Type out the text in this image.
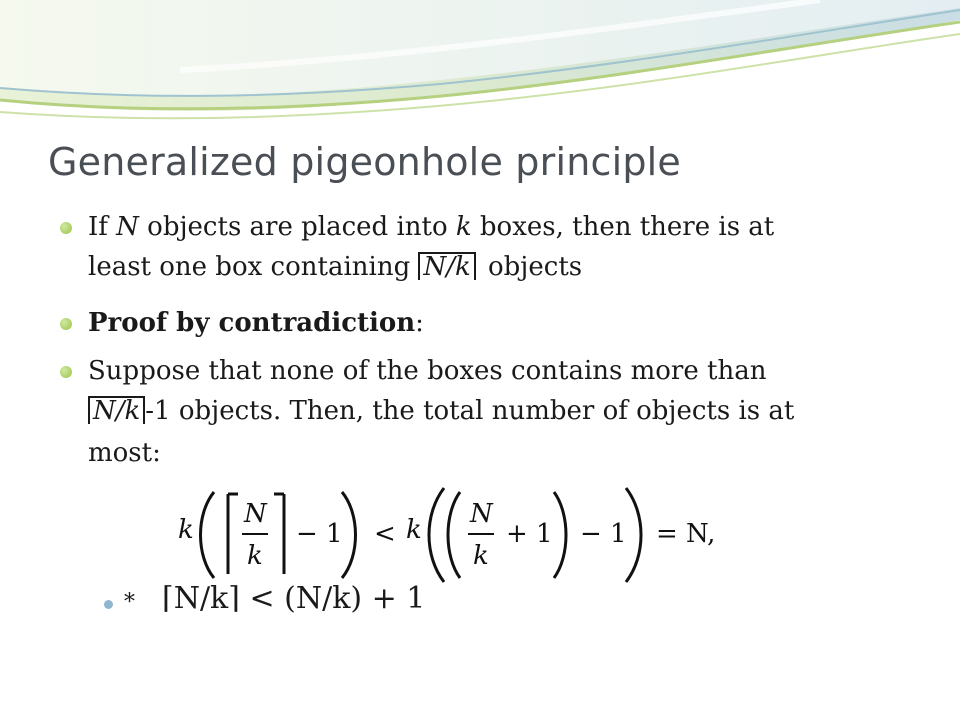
Generalized pigeonhole principle
If N objects are placed into k boxes, then there is at
least one box containing N/k objects
Proof by contradiction:
Suppose that none of the boxes contains more than
N/k -1 objects. Then, the total number of objects is at
most:
k
N
k
− 1 < k
N
k
+ 1 − 1 = N,
* ⌈N/k⌉ < (N/k) + 1
